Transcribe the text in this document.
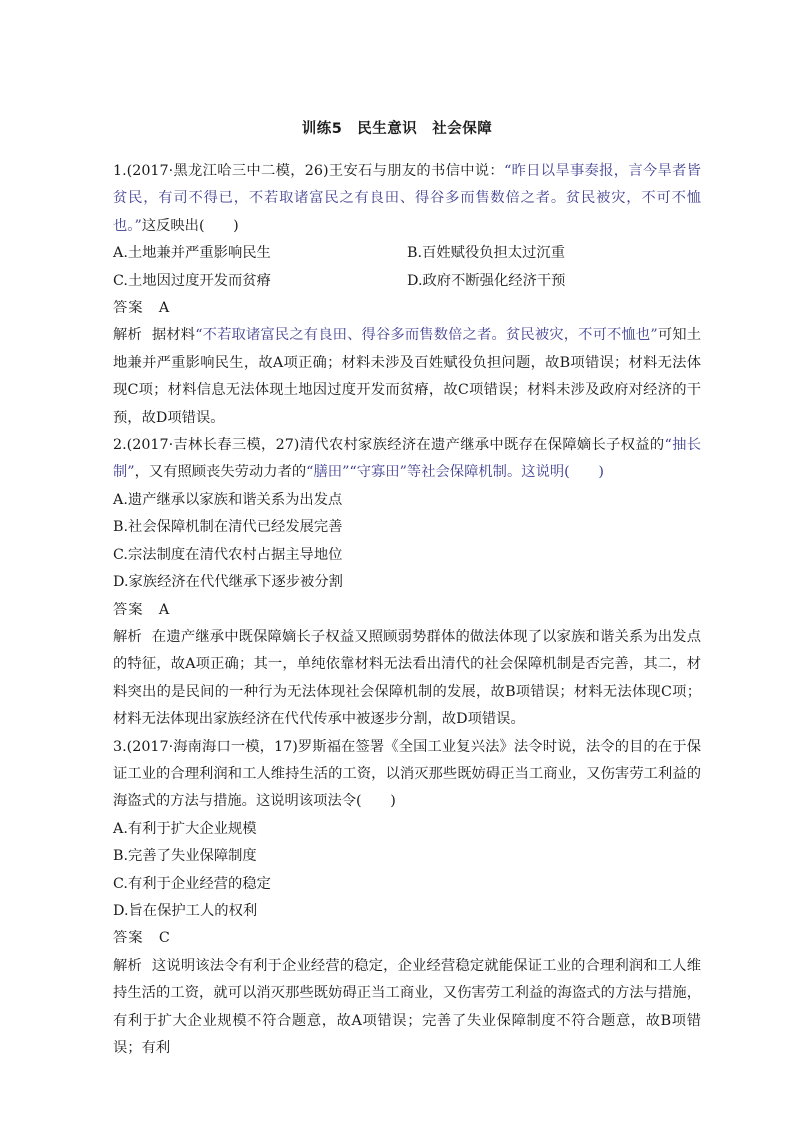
训练5　民生意识　社会保障

1.(2017·黑龙江哈三中二模，26)王安石与朋友的书信中说：“昨日以旱事奏报，言今旱者皆贫民，有司不得已，不若取诸富民之有良田、得谷多而售数倍之者。贫民被灾，不可不恤也。”这反映出(　　)

A.土地兼并严重影响民生	B.百姓赋役负担太过沉重
C.土地因过度开发而贫瘠	D.政府不断强化经济干预

答案　A

解析 据材料“不若取诸富民之有良田、得谷多而售数倍之者。贫民被灾，不可不恤也”可知土地兼并严重影响民生，故A项正确；材料未涉及百姓赋役负担问题，故B项错误；材料无法体现C项；材料信息无法体现土地因过度开发而贫瘠，故C项错误；材料未涉及政府对经济的干预，故D项错误。

2.(2017·吉林长春三模，27)清代农村家族经济在遗产继承中既存在保障嫡长子权益的“抽长制”，又有照顾丧失劳动力者的“膳田”“守寡田”等社会保障机制。这说明(　　)

A.遗产继承以家族和谐关系为出发点

B.社会保障机制在清代已经发展完善

C.宗法制度在清代农村占据主导地位

D.家族经济在代代继承下逐步被分割

答案　A

解析 在遗产继承中既保障嫡长子权益又照顾弱势群体的做法体现了以家族和谐关系为出发点的特征，故A项正确；其一，单纯依靠材料无法看出清代的社会保障机制是否完善，其二，材料突出的是民间的一种行为无法体现社会保障机制的发展，故B项错误；材料无法体现C项；材料无法体现出家族经济在代代传承中被逐步分割，故D项错误。

3.(2017·海南海口一模，17)罗斯福在签署《全国工业复兴法》法令时说，法令的目的在于保证工业的合理利润和工人维持生活的工资，以消灭那些既妨碍正当工商业，又伤害劳工利益的海盗式的方法与措施。这说明该项法令(　　)

A.有利于扩大企业规模

B.完善了失业保障制度

C.有利于企业经营的稳定

D.旨在保护工人的权利

答案　C

解析 这说明该法令有利于企业经营的稳定，企业经营稳定就能保证工业的合理利润和工人维持生活的工资，就可以消灭那些既妨碍正当工商业，又伤害劳工利益的海盗式的方法与措施，有利于扩大企业规模不符合题意，故A项错误；完善了失业保障制度不符合题意，故B项错误；有利
